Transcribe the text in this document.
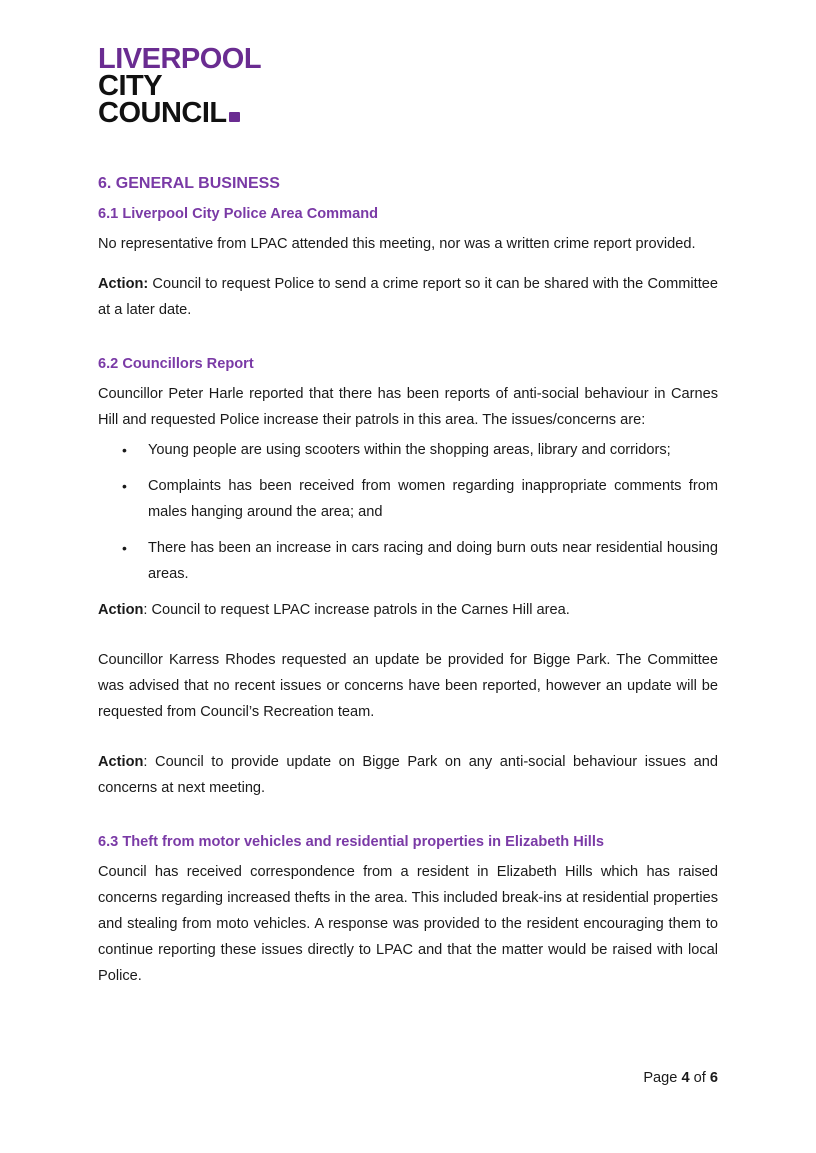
LIVERPOOL
CITY
COUNCIL
6. GENERAL BUSINESS
6.1 Liverpool City Police Area Command

No representative from LPAC attended this meeting, nor was a written crime report provided.

Action: Council to request Police to send a crime report so it can be shared with the Committee at a later date.

6.2 Councillors Report

Councillor Peter Harle reported that there has been reports of anti-social behaviour in Carnes Hill and requested Police increase their patrols in this area. The issues/concerns are:

• Young people are using scooters within the shopping areas, library and corridors;
• Complaints has been received from women regarding inappropriate comments from males hanging around the area; and
• There has been an increase in cars racing and doing burn outs near residential housing areas.

Action: Council to request LPAC increase patrols in the Carnes Hill area.

Councillor Karress Rhodes requested an update be provided for Bigge Park. The Committee was advised that no recent issues or concerns have been reported, however an update will be requested from Council’s Recreation team.

Action: Council to provide update on Bigge Park on any anti-social behaviour issues and concerns at next meeting.

6.3 Theft from motor vehicles and residential properties in Elizabeth Hills

Council has received correspondence from a resident in Elizabeth Hills which has raised concerns regarding increased thefts in the area. This included break-ins at residential properties and stealing from moto vehicles. A response was provided to the resident encouraging them to continue reporting these issues directly to LPAC and that the matter would be raised with local Police.

Page 4 of 6
